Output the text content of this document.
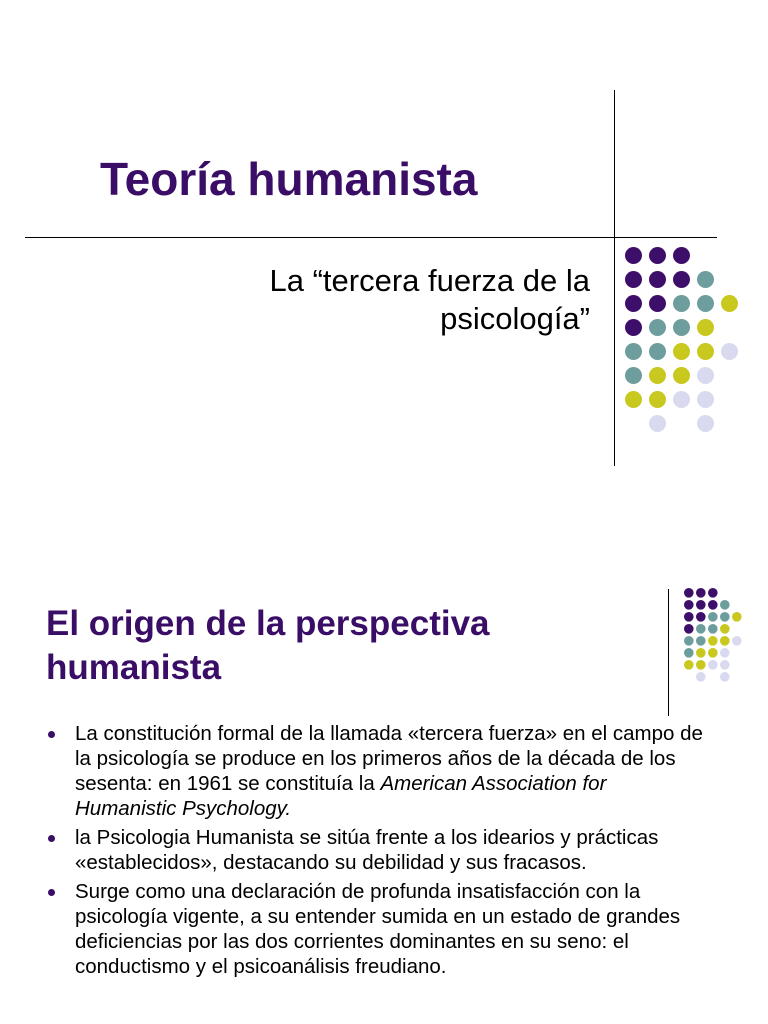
Teoría humanista

La “tercera fuerza de la
psicología”

El origen de la perspectiva
humanista
La constitución formal de la llamada «tercera fuerza» en el campo de la psicología se produce en los primeros años de la década de los sesenta: en 1961 se constituía la American Association for Humanistic Psychology.
la Psicologia Humanista se sitúa frente a los idearios y prácticas «establecidos», destacando su debilidad y sus fracasos.
Surge como una declaración de profunda insatisfacción con la psicología vigente, a su entender sumida en un estado de grandes deficiencias por las dos corrientes dominantes en su seno: el conductismo y el psicoanálisis freudiano.
